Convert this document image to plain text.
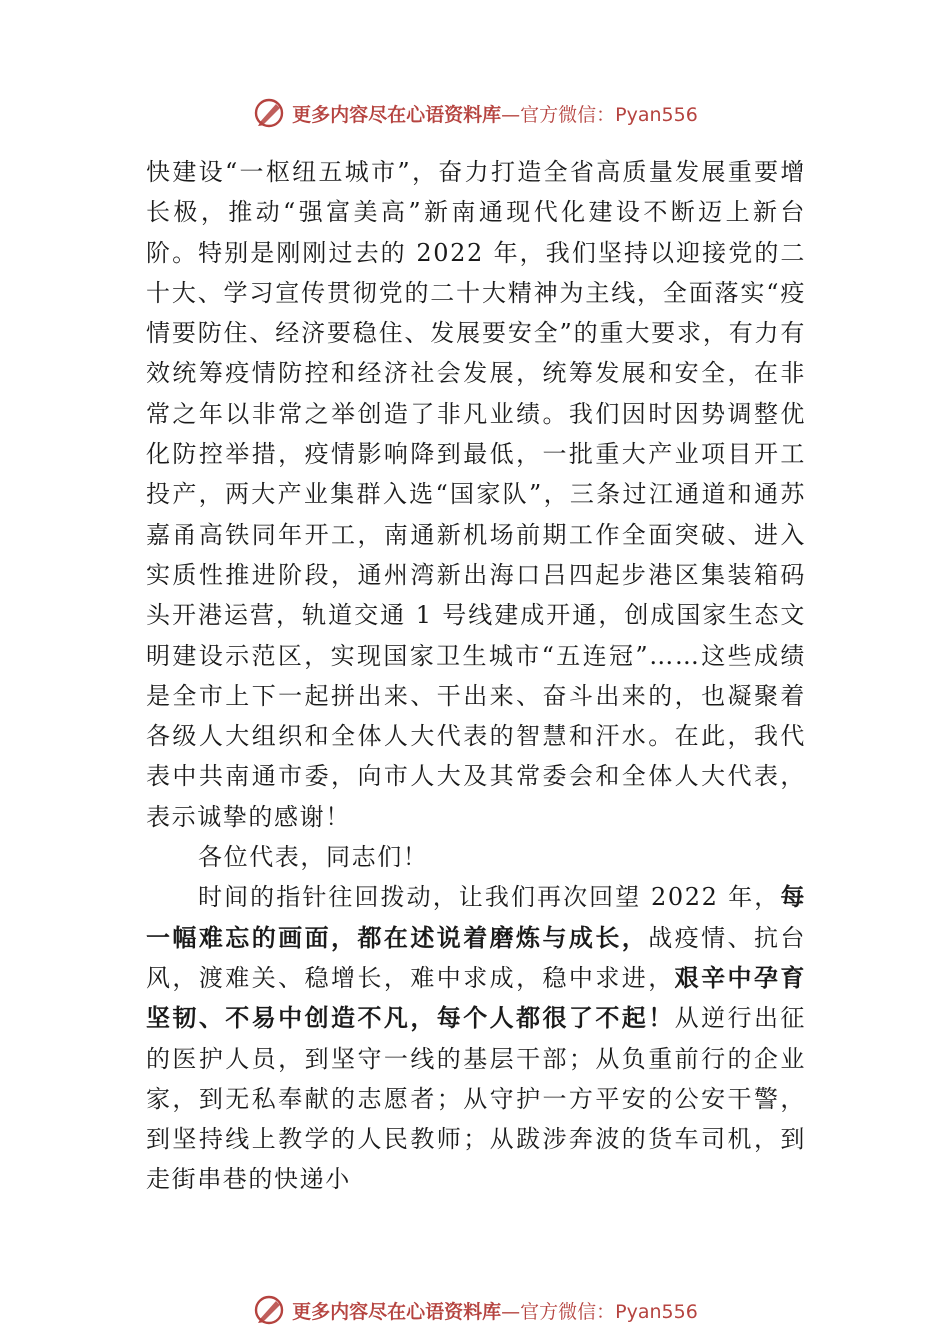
更多内容尽在心语资料库—官方微信：Pyan556

快建设“一枢纽五城市”，奋力打造全省高质量发展重要增长极，推动“强富美高”新南通现代化建设不断迈上新台阶。特别是刚刚过去的 2022 年，我们坚持以迎接党的二十大、学习宣传贯彻党的二十大精神为主线，全面落实“疫情要防住、经济要稳住、发展要安全”的重大要求，有力有效统筹疫情防控和经济社会发展，统筹发展和安全，在非常之年以非常之举创造了非凡业绩。我们因时因势调整优化防控举措，疫情影响降到最低，一批重大产业项目开工投产，两大产业集群入选“国家队”，三条过江通道和通苏嘉甬高铁同年开工，南通新机场前期工作全面突破、进入实质性推进阶段，通州湾新出海口吕四起步港区集装箱码头开港运营，轨道交通 1 号线建成开通，创成国家生态文明建设示范区，实现国家卫生城市“五连冠”……这些成绩是全市上下一起拼出来、干出来、奋斗出来的，也凝聚着各级人大组织和全体人大代表的智慧和汗水。在此，我代表中共南通市委，向市人大及其常委会和全体人大代表，表示诚挚的感谢！

各位代表，同志们！

时间的指针往回拨动，让我们再次回望 2022 年，每一幅难忘的画面，都在述说着磨炼与成长，战疫情、抗台风，渡难关、稳增长，难中求成，稳中求进，艰辛中孕育坚韧、不易中创造不凡，每个人都很了不起！从逆行出征的医护人员，到坚守一线的基层干部；从负重前行的企业家，到无私奉献的志愿者；从守护一方平安的公安干警，到坚持线上教学的人民教师；从跋涉奔波的货车司机，到走街串巷的快递小

更多内容尽在心语资料库—官方微信：Pyan556
